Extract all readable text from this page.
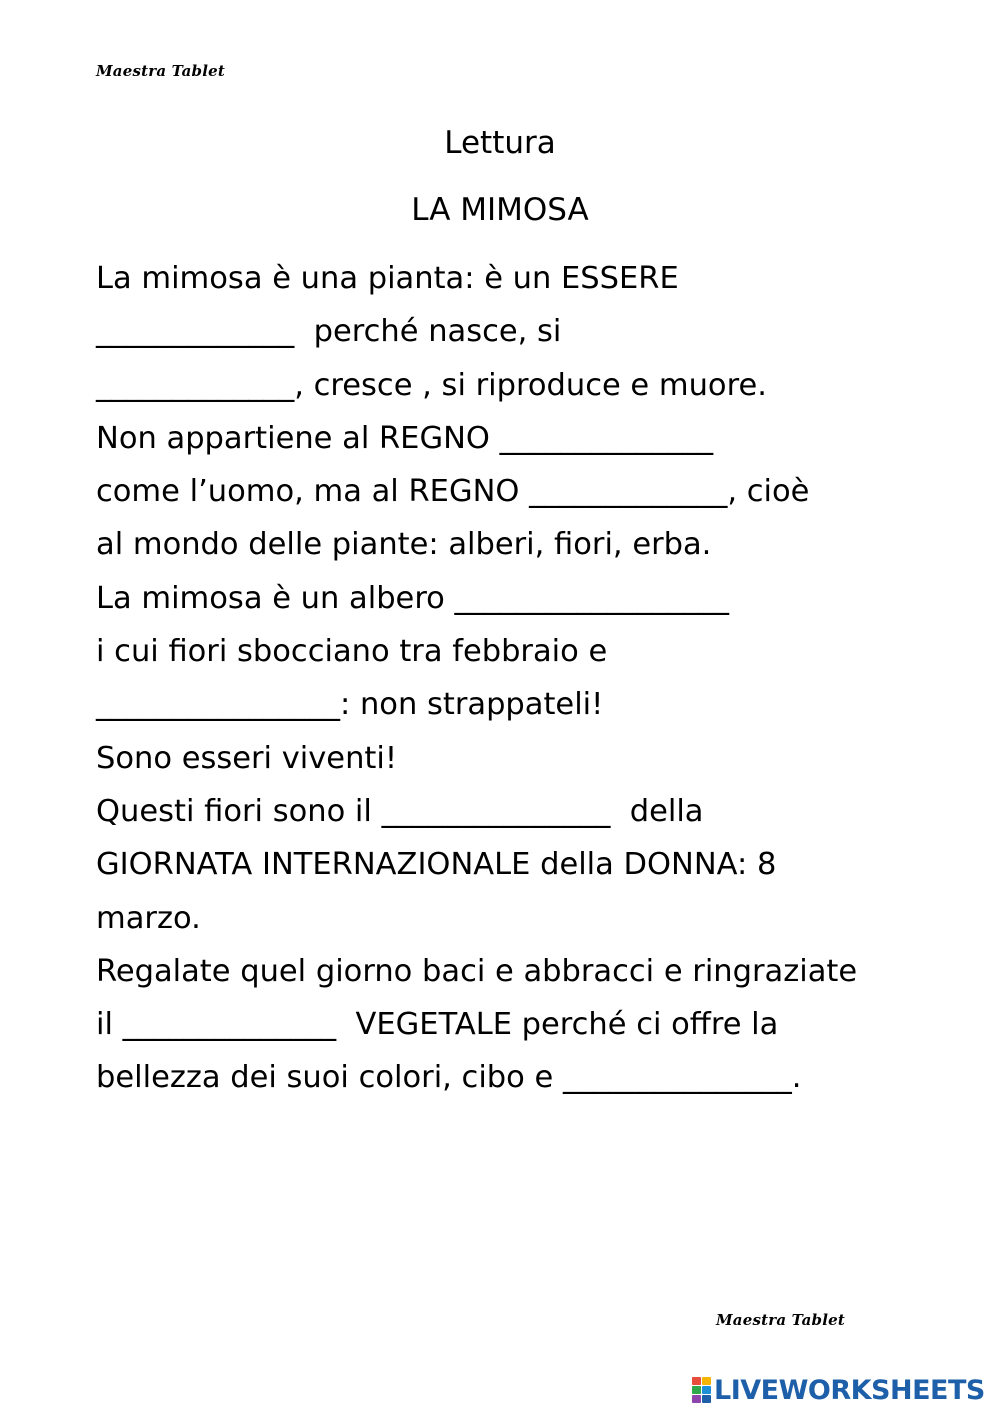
Maestra Tablet
Lettura
LA MIMOSA
La mimosa è una pianta: è un ESSERE
_____________  perché nasce, si
_____________, cresce , si riproduce e muore.
Non appartiene al REGNO ______________
come l’uomo, ma al REGNO _____________, cioè
al mondo delle piante: alberi, fiori, erba.
La mimosa è un albero __________________
i cui fiori sbocciano tra febbraio e
________________: non strappateli!
Sono esseri viventi!
Questi fiori sono il _______________  della
GIORNATA INTERNAZIONALE della DONNA: 8
marzo.
Regalate quel giorno baci e abbracci e ringraziate
il ______________  VEGETALE perché ci offre la
bellezza dei suoi colori, cibo e _______________.
Maestra Tablet
LIVEWORKSHEETS
